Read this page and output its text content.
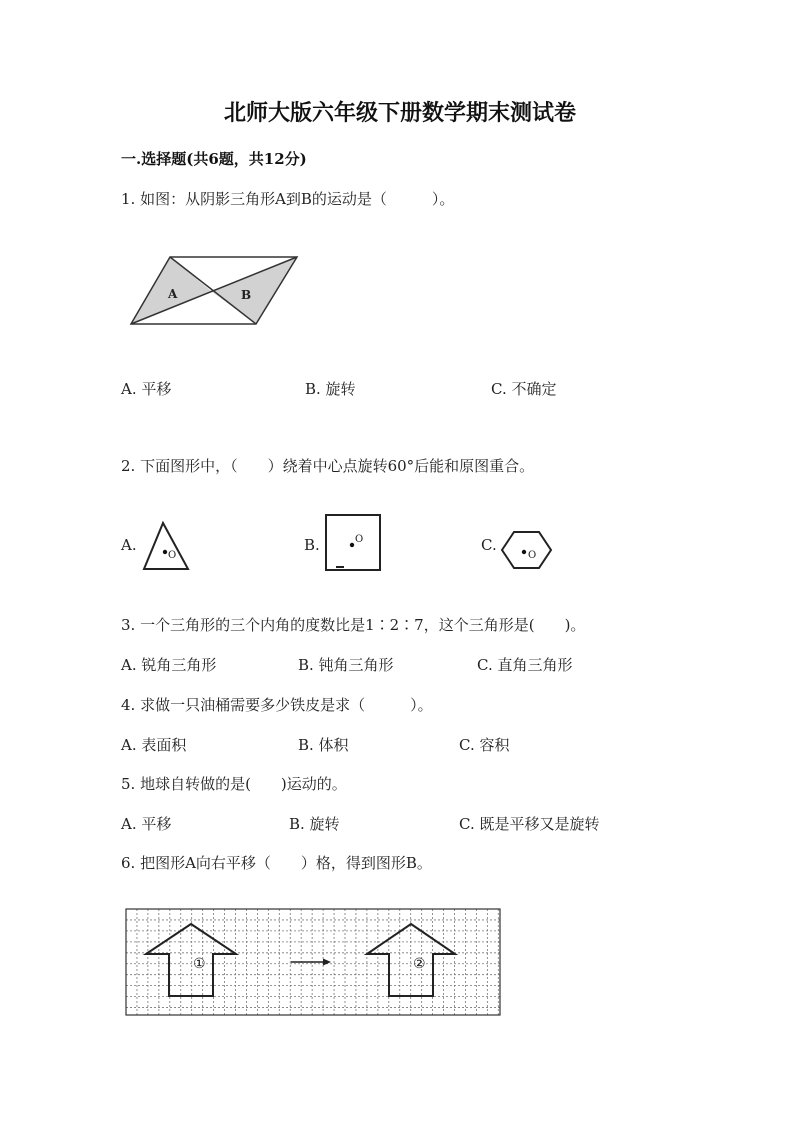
北师大版六年级下册数学期末测试卷
一.选择题(共6题，共12分)
1. 如图：从阴影三角形A到B的运动是（　　　）。
A	B
A. 平移	B. 旋转	C. 不确定
2. 下面图形中，（　　）绕着中心点旋转60°后能和原图重合。
A.
O
B.	O	C.
O
3. 一个三角形的三个内角的度数比是1∶2∶7，这个三角形是(　　)。
A. 锐角三角形	B. 钝角三角形	C. 直角三角形
4. 求做一只油桶需要多少铁皮是求（　　　）。
A. 表面积	B. 体积	C. 容积
5. 地球自转做的是(　　)运动的。
A. 平移	B. 旋转	C. 既是平移又是旋转
6. 把图形A向右平移（　　）格，得到图形B。
①	②
